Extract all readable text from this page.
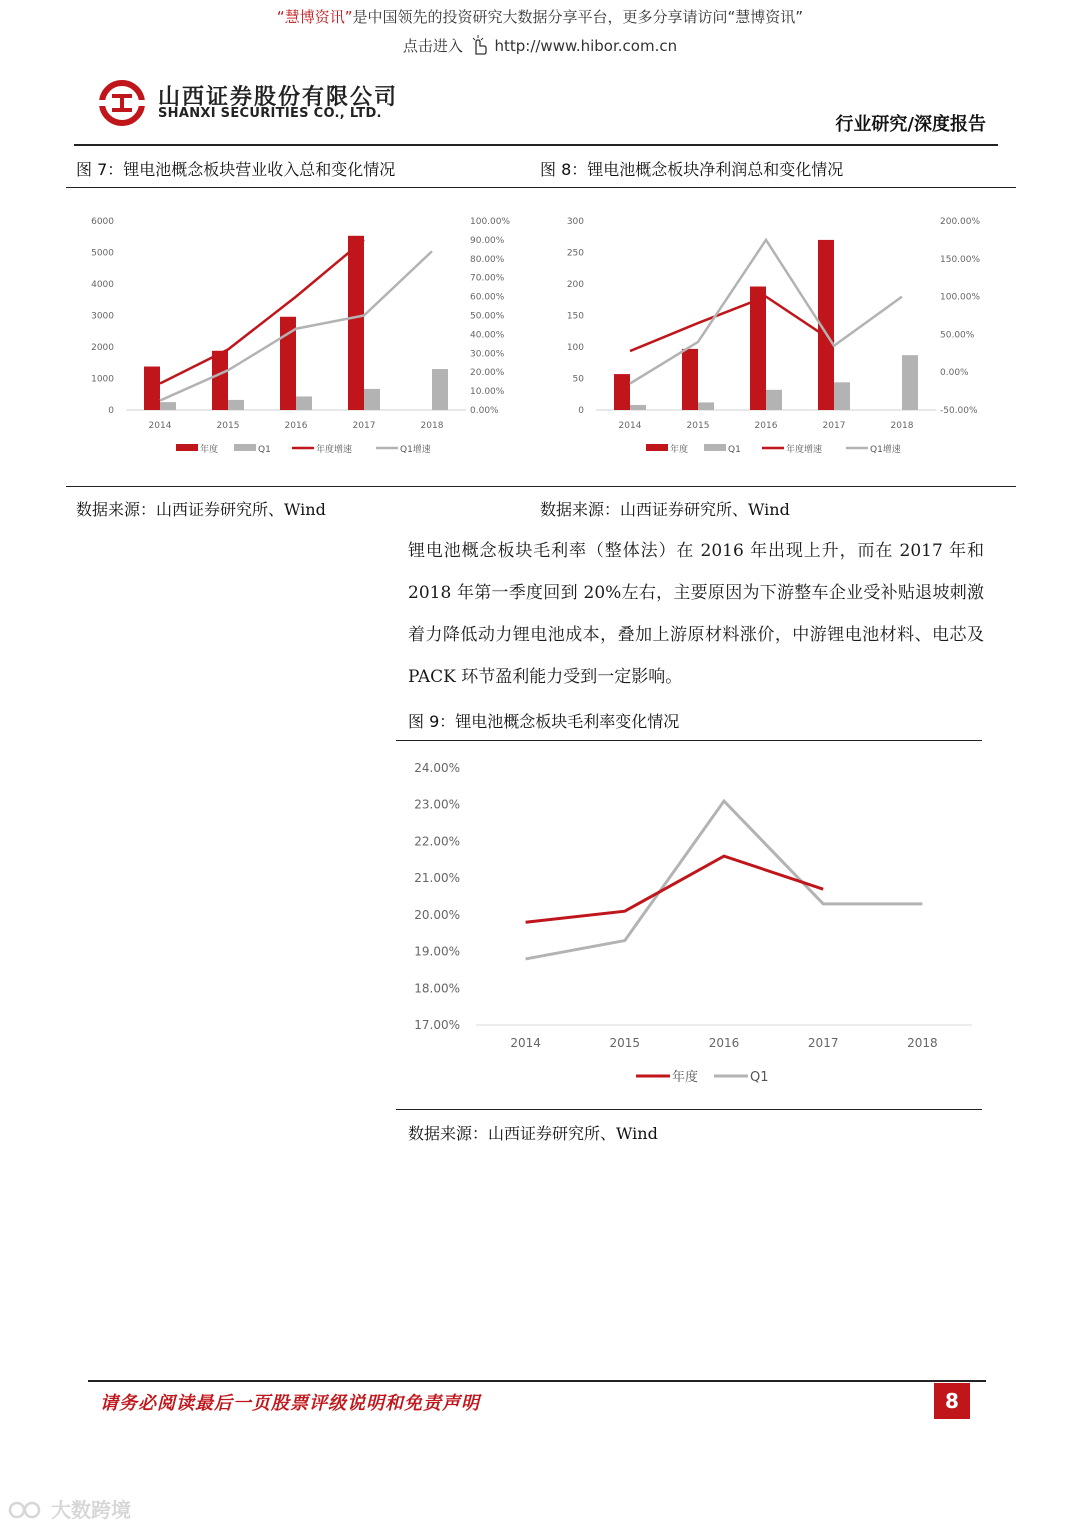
“慧博资讯”是中国领先的投资研究大数据分享平台，更多分享请访问“慧博资讯”
点击进入 http://www.hibor.com.cn
山西证券股份有限公司
SHANXI SECURITIES CO., LTD.
行业研究/深度报告
图 7：锂电池概念板块营业收入总和变化情况	图 8：锂电池概念板块净利润总和变化情况
6000
5000
4000
3000
2000
1000
0
100.00%
90.00%
80.00%
70.00%
60.00%
50.00%
40.00%
30.00%
20.00%
10.00%
0.00%
2014	2015	2016	2017	2018
年度	Q1	年度增速	Q1增速
300
250
200
150
100
50
0
200.00%
150.00%
100.00%
50.00%
0.00%
-50.00%
2014	2015	2016	2017	2018
年度	Q1	年度增速	Q1增速
数据来源：山西证券研究所、Wind	数据来源：山西证券研究所、Wind
锂电池概念板块毛利率（整体法）在 2016 年出现上升，而在 2017 年和 2018 年第一季度回到 20%左右，主要原因为下游整车企业受补贴退坡刺激着力降低动力锂电池成本，叠加上游原材料涨价，中游锂电池材料、电芯及 PACK 环节盈利能力受到一定影响。
图 9：锂电池概念板块毛利率变化情况
24.00%
23.00%
22.00%
21.00%
20.00%
19.00%
18.00%
17.00%
2014	2015	2016	2017	2018
年度	Q1
数据来源：山西证券研究所、Wind
请务必阅读最后一页股票评级说明和免责声明	8
大数跨境
